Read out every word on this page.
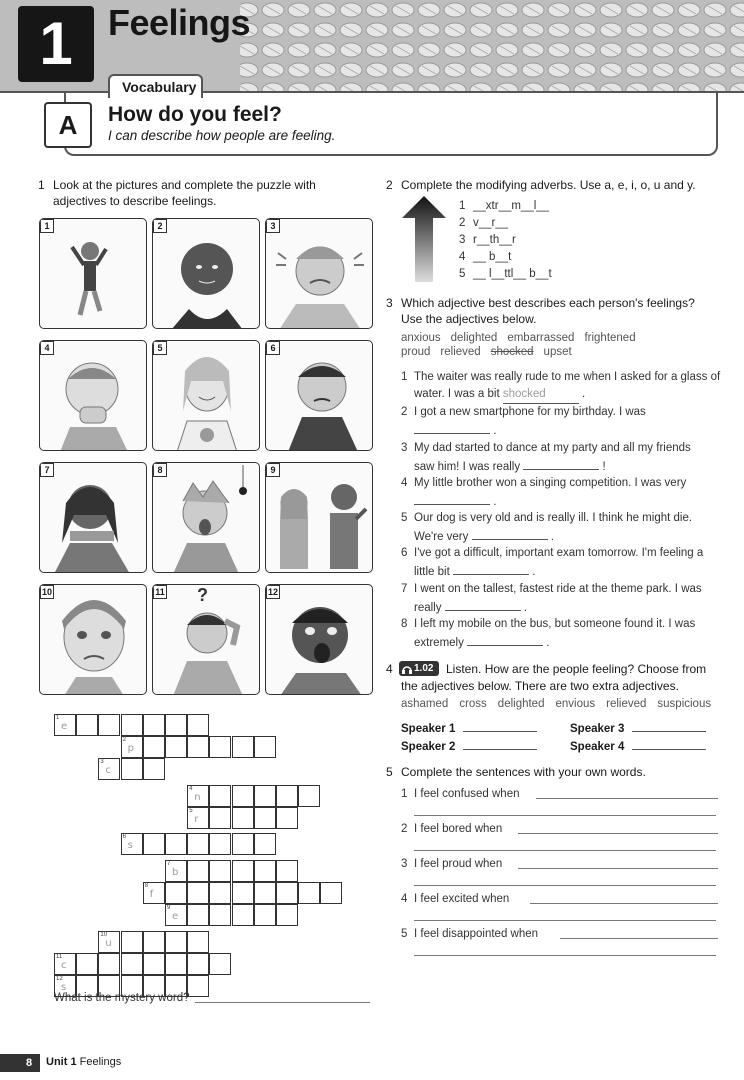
1 Feelings
Vocabulary
A	How do you feel?
I can describe how people are feeling.
1 Look at the pictures and complete the puzzle with
adjectives to describe feelings.
1	2	3
4	5	6
7	8	9
10	?
11	12
1
e
2
p
3
c
4
n
5
r
6
s
7
b
8
f
9
e
10
u
11
c
12
s
What is the mystery word?
2 Complete the modifying adverbs. Use a, e, i, o, u and y.
1 __xtr__m__l__
2 v__r__
3 r__th__r
4 __ b__t
5 __ l__ttl__ b__t
3 Which adjective best describes each person's feelings?
Use the adjectives below.
anxious delighted embarrassed frightened
proud relieved shocked upset
1 The waiter was really rude to me when I asked for a glass of
water. I was a bit shocked	.
2 I got a new smartphone for my birthday. I was
.
3 My dad started to dance at my party and all my friends
saw him! I was really	!
4 My little brother won a singing competition. I was very
.
5 Our dog is very old and is really ill. I think he might die.
We're very	.
6 I've got a difficult, important exam tomorrow. I'm feeling a
little bit	.
7 I went on the tallest, fastest ride at the theme park. I was
really	.
8 I left my mobile on the bus, but someone found it. I was
extremely	.
4	1.02	Listen. How are the people feeling? Choose from
the adjectives below. There are two extra adjectives.
ashamed cross delighted envious relieved suspicious
Speaker 1
Speaker 2
Speaker 3
Speaker 4
5 Complete the sentences with your own words.
1 I feel confused when
2 I feel bored when
3 I feel proud when
4 I feel excited when
5 I feel disappointed when
8	Unit 1 Feelings
